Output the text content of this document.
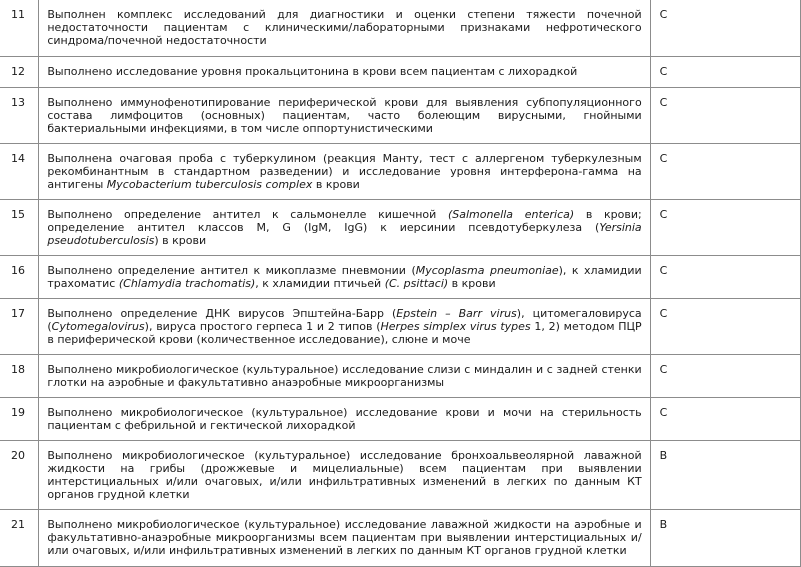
11	Выполнен комплекс исследований для диагностики и оценки степени тяжести почечной недостаточности пациентам с клиническими/лабораторными признаками нефротического синдрома/почечной недостаточности	C
12	Выполнено исследование уровня прокальцитонина в крови всем пациентам с лихорадкой	C
13	Выполнено иммунофенотипирование периферической крови для выявления субпопуляционного состава лимфоцитов (основных) пациентам, часто болеющим вирусными, гнойными бактериальными инфекциями, в том числе оппортунистическими	C
14	Выполнена очаговая проба с туберкулином (реакция Манту, тест с аллергеном туберкулезным рекомбинантным в стандартном разведении) и исследование уровня интерферона-гамма на антигены Mycobacterium tuberculosis complex в крови	C
15	Выполнено определение антител к сальмонелле кишечной (Salmonella enterica) в крови; определение антител классов M, G (IgM, IgG) к иерсинии псевдотуберкулеза (Yersinia pseudotuberculosis) в крови	C
16	Выполнено определение антител к микоплазме пневмонии (Mycoplasma pneumoniae), к хламидии трахоматис (Chlamydia trachomatis), к хламидии птичьей (C. psittaci) в крови	C
17	Выполнено определение ДНК вирусов Эпштейна-Барр (Epstein – Barr virus), цитомегаловируса (Cytomegalovirus), вируса простого герпеса 1 и 2 типов (Herpes simplex virus types 1, 2) методом ПЦР в периферической крови (количественное исследование), слюне и моче	C
18	Выполнено микробиологическое (культуральное) исследование слизи с миндалин и с задней стенки глотки на аэробные и факультативно анаэробные микроорганизмы	C
19	Выполнено микробиологическое (культуральное) исследование крови и мочи на стерильность пациентам с фебрильной и гектической лихорадкой	C
20	Выполнено микробиологическое (культуральное) исследование бронхоальвеолярной лаважной жидкости на грибы (дрожжевые и мицелиальные) всем пациентам при выявлении интерстициальных и/или очаговых, и/или инфильтративных изменений в легких по данным КТ органов грудной клетки	B
21	Выполнено микробиологическое (культуральное) исследование лаважной жидкости на аэробные и факультативно-анаэробные микроорганизмы всем пациентам при выявлении интерстициальных и/или очаговых, и/или инфильтративных изменений в легких по данным КТ органов грудной клетки	B
